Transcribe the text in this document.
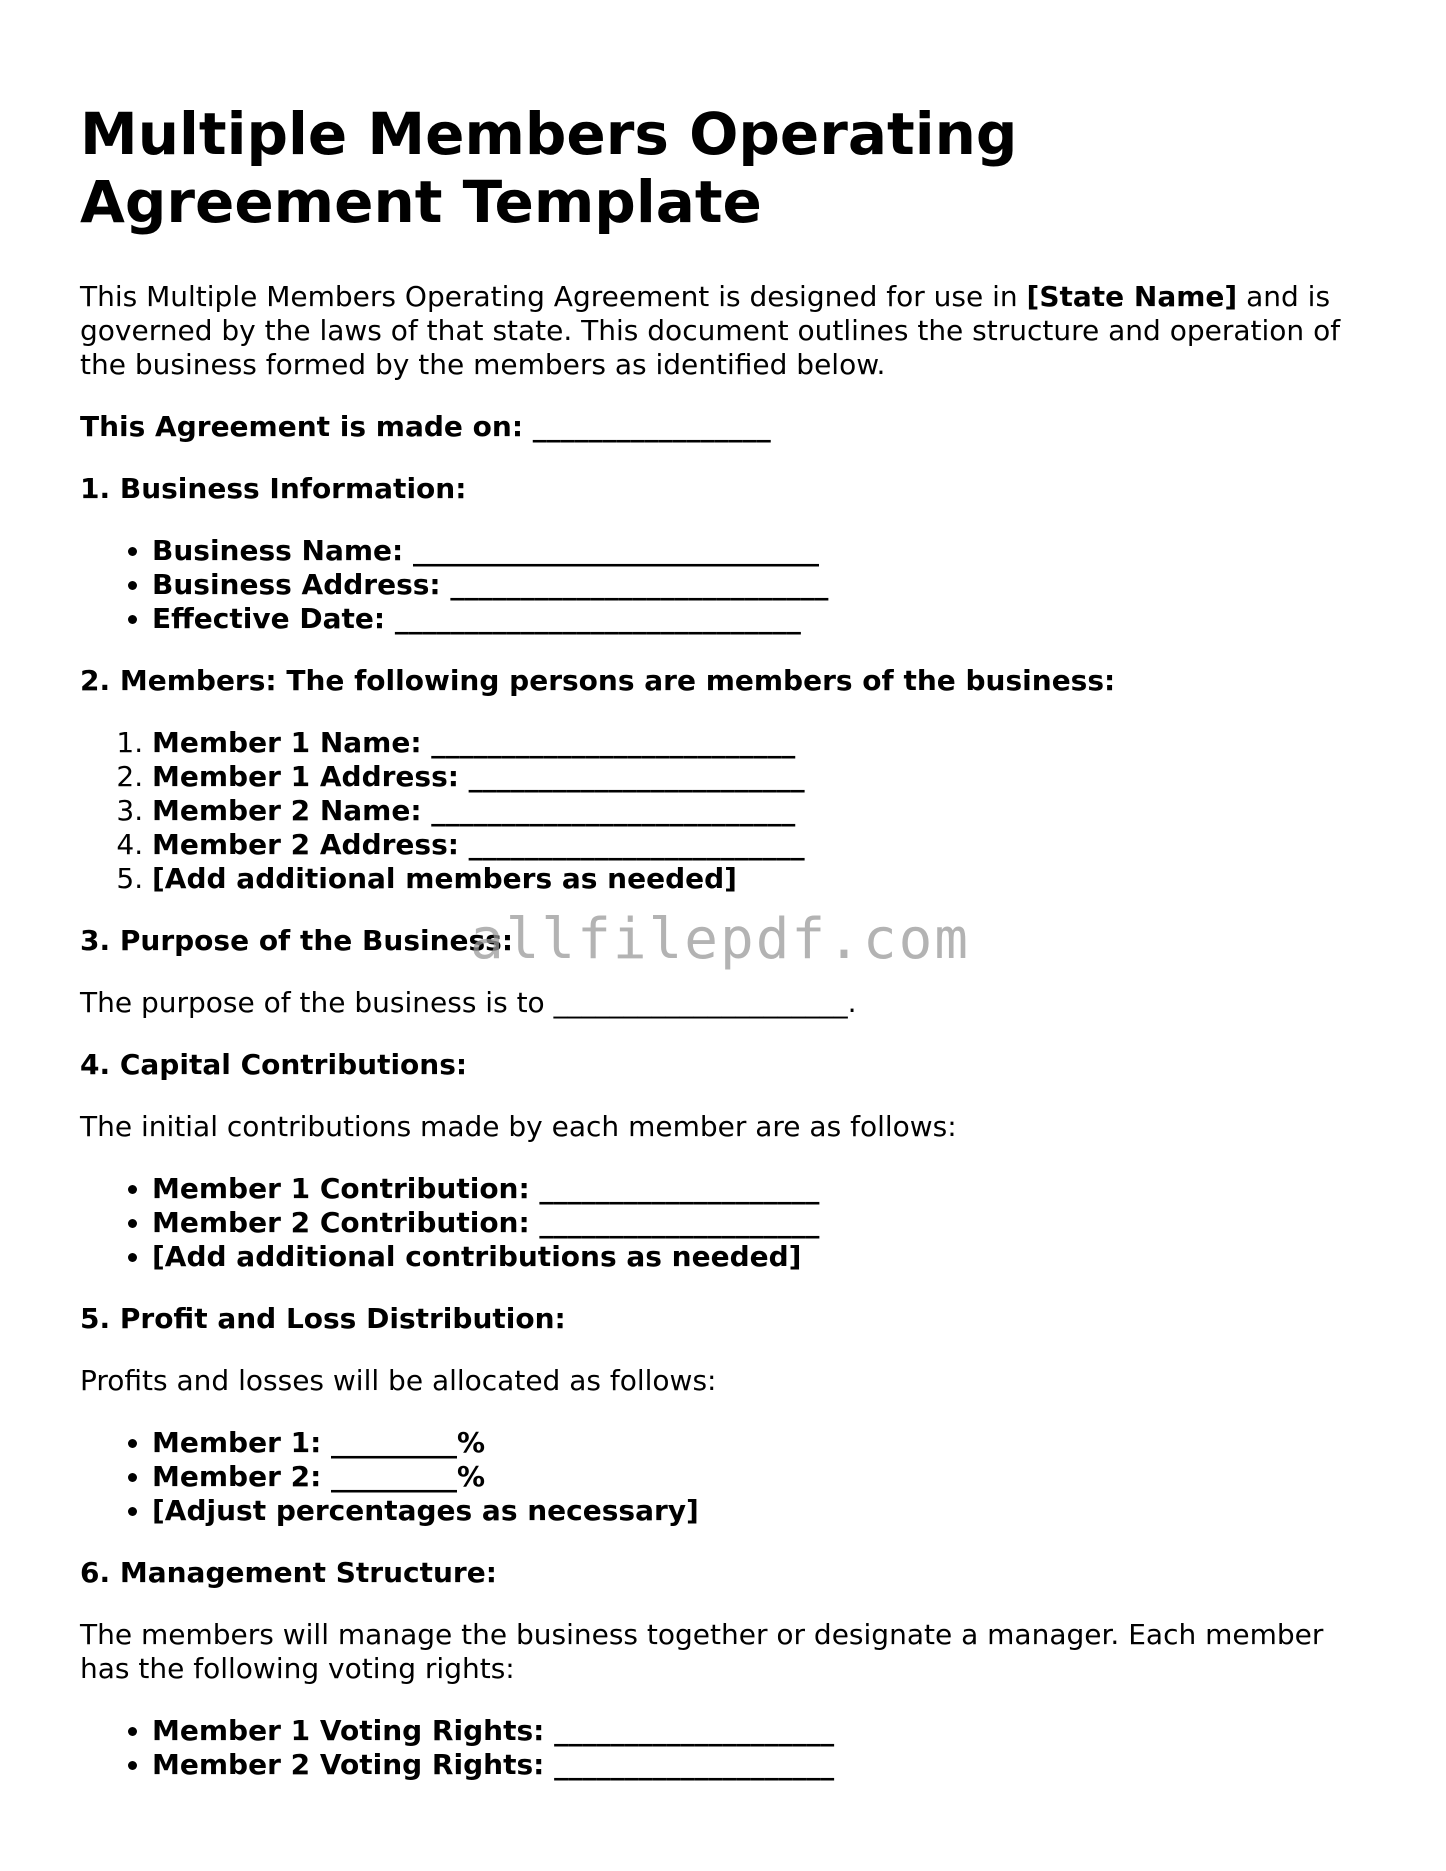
Multiple Members Operating Agreement Template

This Multiple Members Operating Agreement is designed for use in [State Name] and is governed by the laws of that state. This document outlines the structure and operation of the business formed by the members as identified below.

This Agreement is made on: _________________
1. Business Information:
• Business Name: _____________________________
• Business Address: ___________________________
• Effective Date: _____________________________
2. Members: The following persons are members of the business:
1. Member 1 Name: __________________________
2. Member 1 Address: ________________________
3. Member 2 Name: __________________________
4. Member 2 Address: ________________________
5. [Add additional members as needed]
3. Purpose of the Business:

The purpose of the business is to _____________________.

4. Capital Contributions:

The initial contributions made by each member are as follows:

• Member 1 Contribution: ____________________
• Member 2 Contribution: ____________________
• [Add additional contributions as needed]
5. Profit and Loss Distribution:

Profits and losses will be allocated as follows:

• Member 1: _________%
• Member 2: _________%
• [Adjust percentages as necessary]
6. Management Structure:

The members will manage the business together or designate a manager. Each member has the following voting rights:

• Member 1 Voting Rights: ____________________
• Member 2 Voting Rights: ____________________
allfilepdf.com
